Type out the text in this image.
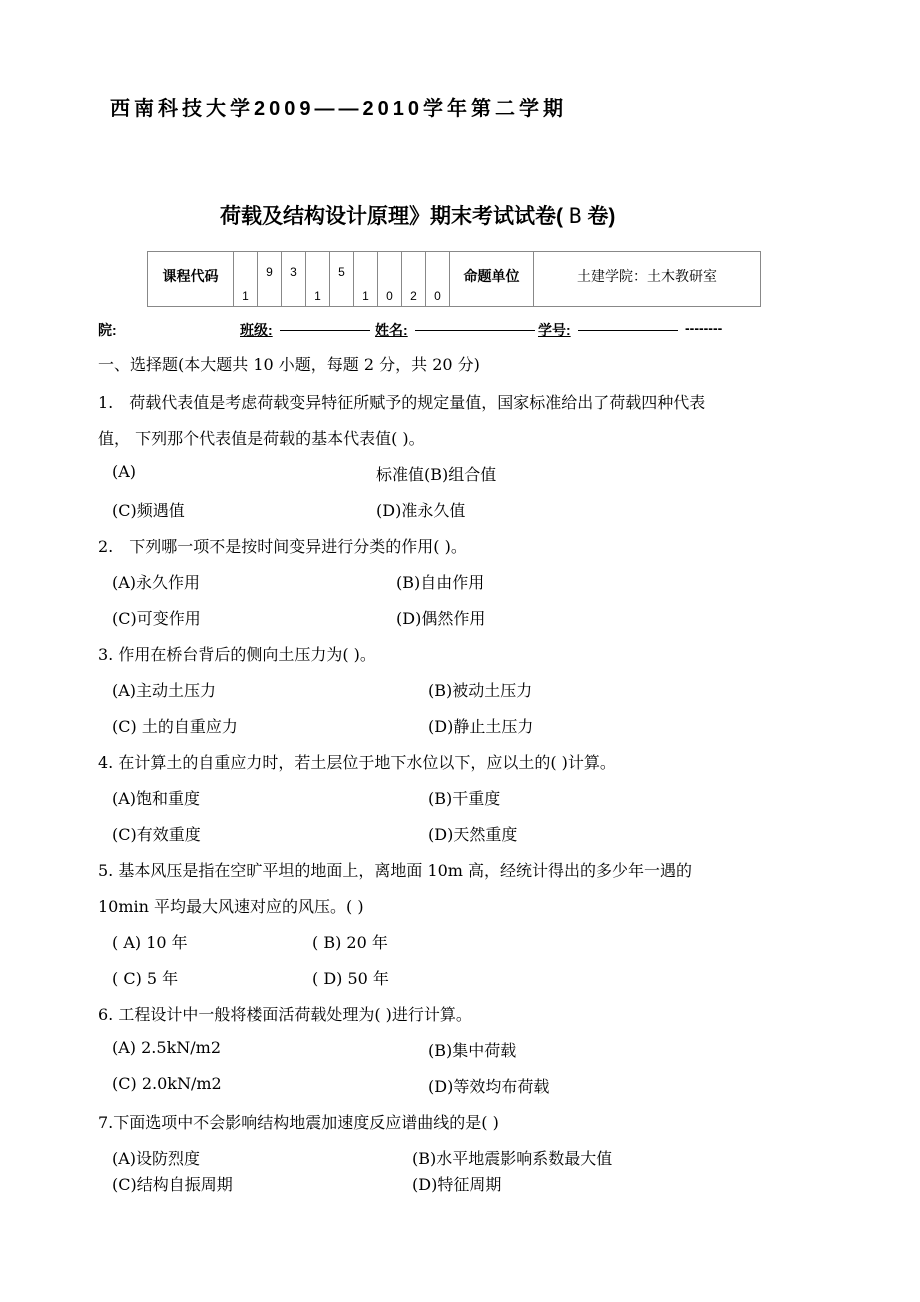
西南科技大学2009——2010学年第二学期
荷载及结构设计原理》期末考试试卷( B 卷)
课程代码	1	9	3	1	5	1	0	2	0	命题单位	土建学院：土木教研室
院:	班级:	姓名:	学号:	--------
一、选择题(本大题共 10 小题，每题 2 分，共 20 分)
1.　荷载代表值是考虑荷载变异特征所赋予的规定量值，国家标准给出了荷载四种代表
值， 下列那个代表值是荷载的基本代表值( )。
(A)	标准值(B)组合值
(C)频遇值	(D)准永久值
2.　下列哪一项不是按时间变异进行分类的作用( )。
(A)永久作用	(B)自由作用
(C)可变作用	(D)偶然作用
3. 作用在桥台背后的侧向土压力为( )。
(A)主动土压力	(B)被动土压力
(C) 土的自重应力	(D)静止土压力
4. 在计算土的自重应力时，若土层位于地下水位以下，应以土的( )计算。
(A)饱和重度	(B)干重度
(C)有效重度	(D)天然重度
5. 基本风压是指在空旷平坦的地面上，离地面 10m 高，经统计得出的多少年一遇的
10min 平均最大风速对应的风压。( )
( A) 10 年	( B) 20 年
( C) 5 年	( D) 50 年
6. 工程设计中一般将楼面活荷载处理为( )进行计算。
(A) 2.5kN/m2	(B)集中荷载
(C) 2.0kN/m2	(D)等效均布荷载
7.下面选项中不会影响结构地震加速度反应谱曲线的是( )
(A)设防烈度	(B)水平地震影响系数最大值
(C)结构自振周期	(D)特征周期
